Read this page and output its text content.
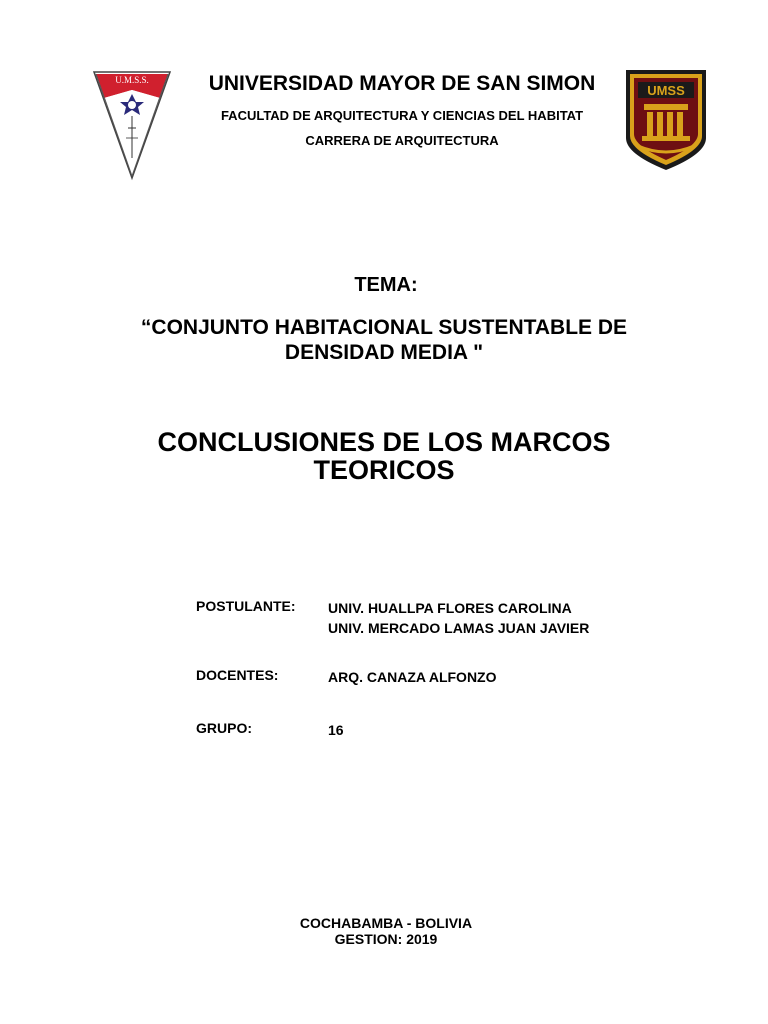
U.M.S.S.
UMSS
UNIVERSIDAD MAYOR DE SAN SIMON
FACULTAD DE ARQUITECTURA Y CIENCIAS DEL HABITAT
CARRERA DE ARQUITECTURA
TEMA:
“CONJUNTO HABITACIONAL SUSTENTABLE DE
DENSIDAD MEDIA "
CONCLUSIONES DE LOS MARCOS
TEORICOS
POSTULANTE: UNIV. HUALLPA FLORES CAROLINA
UNIV. MERCADO LAMAS JUAN JAVIER
DOCENTES:	ARQ. CANAZA ALFONZO
GRUPO:	16
COCHABAMBA - BOLIVIA
GESTION: 2019
